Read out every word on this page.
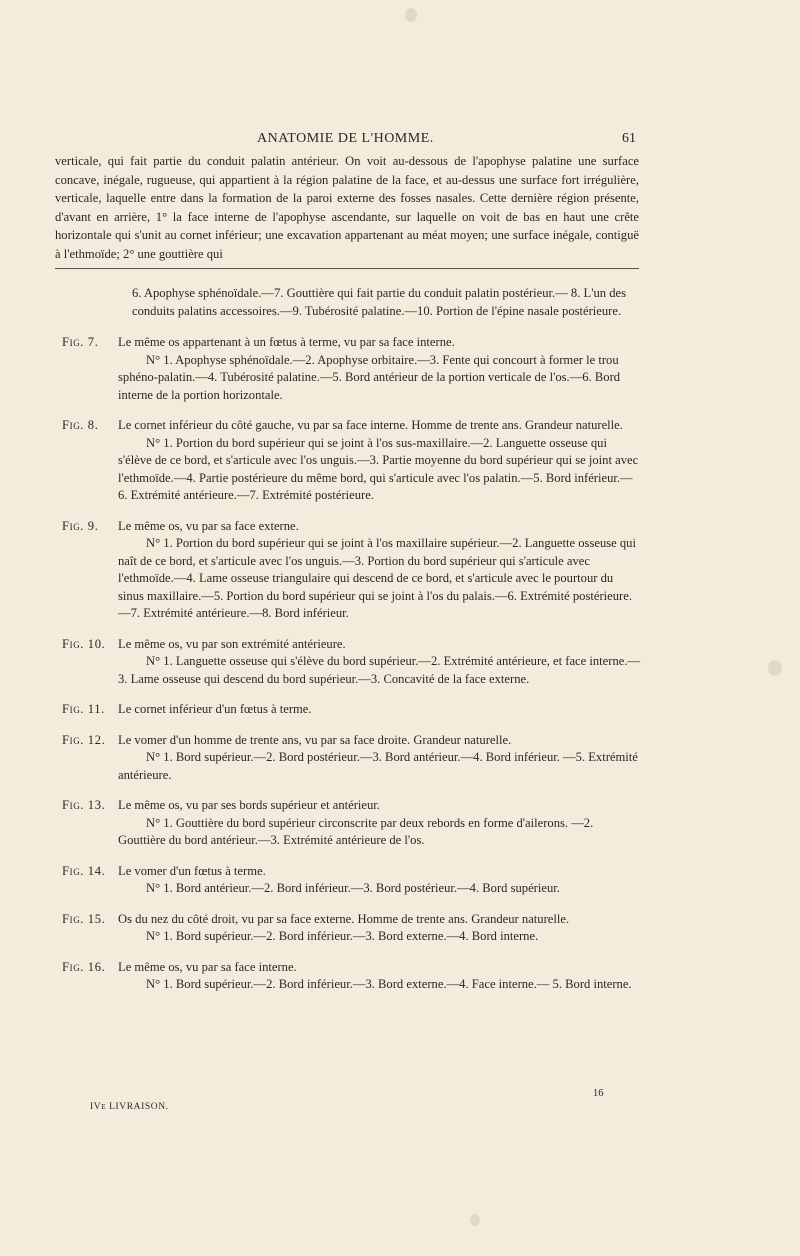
ANATOMIE DE L'HOMME.	61

verticale, qui fait partie du conduit palatin antérieur. On voit au-dessous de l'apophyse palatine une surface concave, inégale, rugueuse, qui appartient à la région palatine de la face, et au-dessus une surface fort irrégulière, verticale, laquelle entre dans la formation de la paroi externe des fosses nasales. Cette dernière région présente, d'avant en arrière, 1° la face interne de l'apophyse ascendante, sur laquelle on voit de bas en haut une crête horizontale qui s'unit au cornet inférieur; une excavation appartenant au méat moyen; une surface inégale, contiguë à l'ethmoïde; 2° une gouttière qui

6. Apophyse sphénoïdale.—7. Gouttière qui fait partie du conduit palatin postérieur.— 8. L'un des conduits palatins accessoires.—9. Tubérosité palatine.—10. Portion de l'épine nasale postérieure.
Fig. 7.	Le même os appartenant à un fœtus à terme, vu par sa face interne.
N° 1. Apophyse sphénoïdale.—2. Apophyse orbitaire.—3. Fente qui concourt à former le trou sphéno-palatin.—4. Tubérosité palatine.—5. Bord antérieur de la portion verticale de l'os.—6. Bord interne de la portion horizontale.
Fig. 8.	Le cornet inférieur du côté gauche, vu par sa face interne. Homme de trente ans. Grandeur naturelle.
N° 1. Portion du bord supérieur qui se joint à l'os sus-maxillaire.—2. Languette osseuse qui s'élève de ce bord, et s'articule avec l'os unguis.—3. Partie moyenne du bord supérieur qui se joint avec l'ethmoïde.—4. Partie postérieure du même bord, qui s'articule avec l'os palatin.—5. Bord inférieur.—6. Extrémité antérieure.—7. Extrémité postérieure.
Fig. 9.	Le même os, vu par sa face externe.
N° 1. Portion du bord supérieur qui se joint à l'os maxillaire supérieur.—2. Languette osseuse qui naît de ce bord, et s'articule avec l'os unguis.—3. Portion du bord supérieur qui s'articule avec l'ethmoïde.—4. Lame osseuse triangulaire qui descend de ce bord, et s'articule avec le pourtour du sinus maxillaire.—5. Portion du bord supérieur qui se joint à l'os du palais.—6. Extrémité postérieure.—7. Extrémité antérieure.—8. Bord inférieur.
Fig. 10.	Le même os, vu par son extrémité antérieure.
N° 1. Languette osseuse qui s'élève du bord supérieur.—2. Extrémité antérieure, et face interne.—3. Lame osseuse qui descend du bord supérieur.—3. Concavité de la face externe.
Fig. 11.	Le cornet inférieur d'un fœtus à terme.
Fig. 12.	Le vomer d'un homme de trente ans, vu par sa face droite. Grandeur naturelle.
N° 1. Bord supérieur.—2. Bord postérieur.—3. Bord antérieur.—4. Bord inférieur. —5. Extrémité antérieure.
Fig. 13.	Le même os, vu par ses bords supérieur et antérieur.
N° 1. Gouttière du bord supérieur circonscrite par deux rebords en forme d'ailerons. —2. Gouttière du bord antérieur.—3. Extrémité antérieure de l'os.
Fig. 14.	Le vomer d'un fœtus à terme.
N° 1. Bord antérieur.—2. Bord inférieur.—3. Bord postérieur.—4. Bord supérieur.
Fig. 15.	Os du nez du côté droit, vu par sa face externe. Homme de trente ans. Grandeur naturelle.
N° 1. Bord supérieur.—2. Bord inférieur.—3. Bord externe.—4. Bord interne.
Fig. 16.	Le même os, vu par sa face interne.
N° 1. Bord supérieur.—2. Bord inférieur.—3. Bord externe.—4. Face interne.— 5. Bord interne.
16
IVe LIVRAISON.
